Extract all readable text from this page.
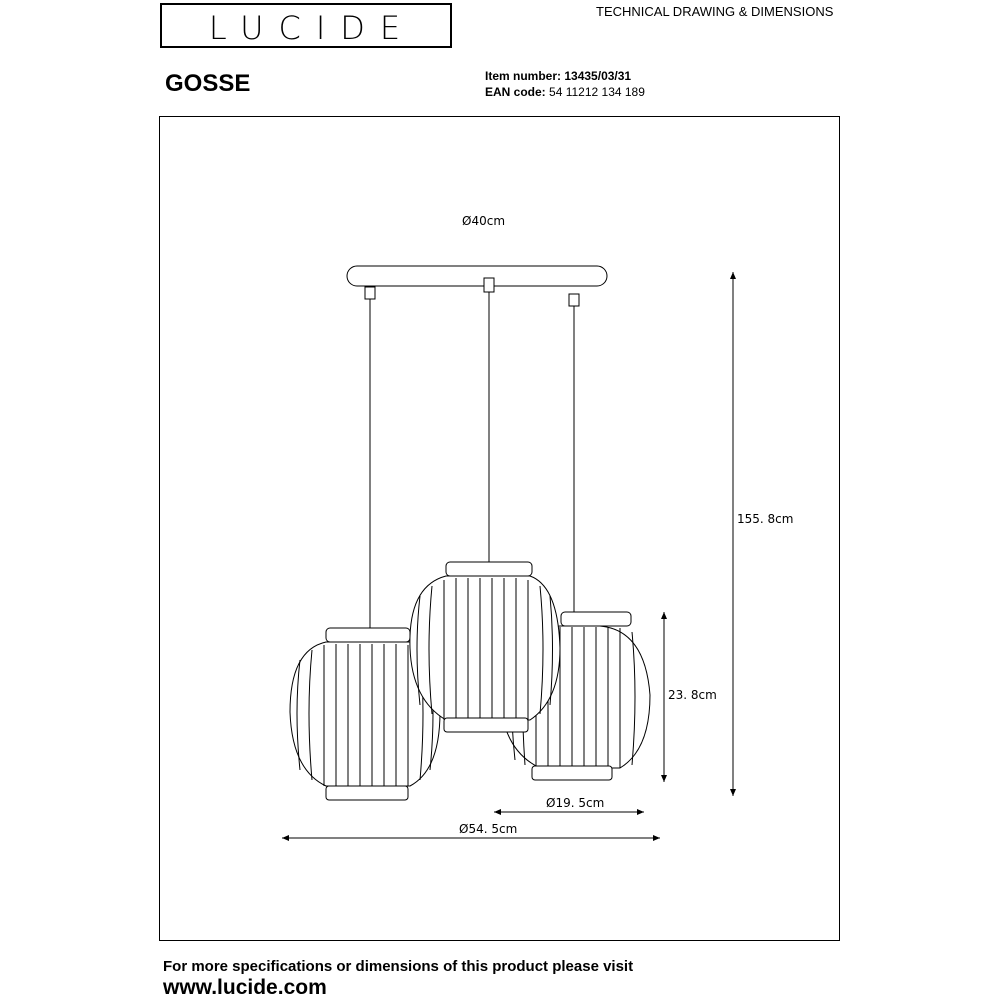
LUCIDE	TECHNICAL DRAWING & DIMENSIONS
GOSSE	Item number: 13435/03/31
EAN code: 54 11212 134 189
Ø40cm
155. 8cm
23. 8cm
Ø19. 5cm
Ø54. 5cm
For more specifications or dimensions of this product please visit
www.lucide.com
